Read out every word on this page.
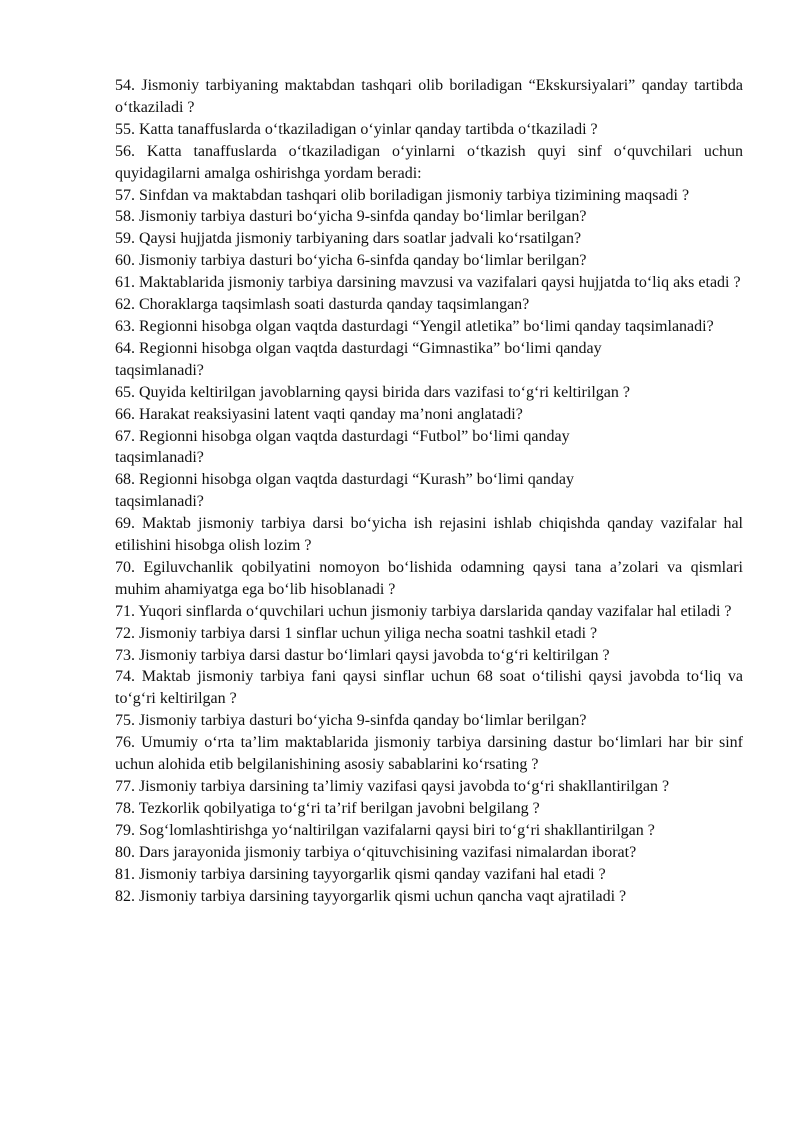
54. Jismoniy tarbiyaning maktabdan tashqari olib boriladigan “Ekskursiyalari” qanday tartibda o‘tkaziladi ?

55. Katta tanaffuslarda o‘tkaziladigan o‘yinlar qanday tartibda o‘tkaziladi ?

56. Katta tanaffuslarda o‘tkaziladigan o‘yinlarni o‘tkazish quyi sinf o‘quvchilari uchun quyidagilarni amalga oshirishga yordam beradi:

57. Sinfdan va maktabdan tashqari olib boriladigan jismoniy tarbiya tizimining maqsadi ?

58. Jismoniy tarbiya dasturi bo‘yicha 9-sinfda qanday bo‘limlar berilgan?

59. Qaysi hujjatda jismoniy tarbiyaning dars soatlar jadvali ko‘rsatilgan?

60. Jismoniy tarbiya dasturi bo‘yicha 6-sinfda qanday bo‘limlar berilgan?

61. Maktablarida jismoniy tarbiya darsining mavzusi va vazifalari qaysi hujjatda to‘liq aks etadi ?

62. Choraklarga taqsimlash soati dasturda qanday taqsimlangan?

63. Regionni hisobga olgan vaqtda dasturdagi “Yengil atletika” bo‘limi qanday taqsimlanadi?

64. Regionni hisobga olgan vaqtda dasturdagi “Gimnastika” bo‘limi qanday taqsimlanadi?

65. Quyida keltirilgan javoblarning qaysi birida dars vazifasi to‘g‘ri keltirilgan ?

66. Harakat reaksiyasini latent vaqti qanday ma’noni anglatadi?

67. Regionni hisobga olgan vaqtda dasturdagi “Futbol” bo‘limi qanday taqsimlanadi?

68. Regionni hisobga olgan vaqtda dasturdagi “Kurash” bo‘limi qanday taqsimlanadi?

69. Maktab jismoniy tarbiya darsi bo‘yicha ish rejasini ishlab chiqishda qanday vazifalar hal etilishini hisobga olish lozim ?

70. Egiluvchanlik qobilyatini nomoyon bo‘lishida odamning qaysi tana a’zolari va qismlari muhim ahamiyatga ega bo‘lib hisoblanadi ?

71. Yuqori sinflarda o‘quvchilari uchun jismoniy tarbiya darslarida qanday vazifalar hal etiladi ?

72. Jismoniy tarbiya darsi 1 sinflar uchun yiliga necha soatni tashkil etadi ?

73. Jismoniy tarbiya darsi dastur bo‘limlari qaysi javobda to‘g‘ri keltirilgan ?

74. Maktab jismoniy tarbiya fani qaysi sinflar uchun 68 soat o‘tilishi qaysi javobda to‘liq va to‘g‘ri keltirilgan ?

75. Jismoniy tarbiya dasturi bo‘yicha 9-sinfda qanday bo‘limlar berilgan?

76. Umumiy o‘rta ta’lim maktablarida jismoniy tarbiya darsining dastur bo‘limlari har bir sinf uchun alohida etib belgilanishining asosiy sabablarini ko‘rsating ?

77. Jismoniy tarbiya darsining ta’limiy vazifasi qaysi javobda to‘g‘ri shakllantirilgan ?

78. Tezkorlik qobilyatiga to‘g‘ri ta’rif berilgan javobni belgilang ?

79. Sog‘lomlashtirishga yo‘naltirilgan vazifalarni qaysi biri to‘g‘ri shakllantirilgan ?

80. Dars jarayonida jismoniy tarbiya o‘qituvchisining vazifasi nimalardan iborat?

81. Jismoniy tarbiya darsining tayyorgarlik qismi qanday vazifani hal etadi ?

82. Jismoniy tarbiya darsining tayyorgarlik qismi uchun qancha vaqt ajratiladi ?
